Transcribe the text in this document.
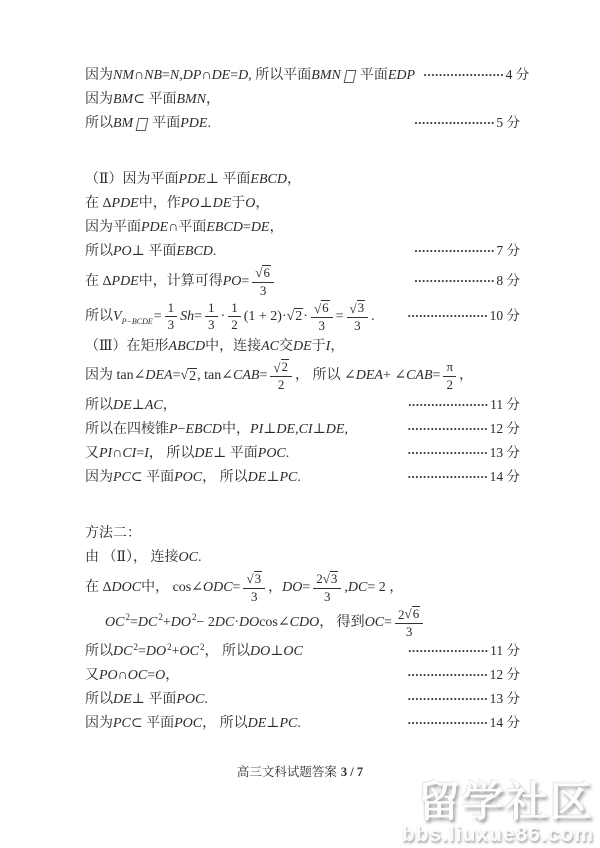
因为 NM ∩ NB = N , DP ∩ DE = D , 所以平面 BMN 平面 EDP ····················· 4 分
因为 BM ⊂ 平面 BMN ，
所以 BM 平面 PDE .	····················· 5 分
（Ⅱ）因为平面 PDE ⊥ 平面 EBCD ，
在 Δ PDE 中，作 PO ⊥ DE 于 O ，
因为平面 PDE ∩平面 EBCD = DE ，
所以 PO ⊥ 平面 EBCD .	····················· 7 分
在 Δ PDE 中，计算可得 PO = $\frac{√ 6}{3}$	····················· 8 分
所以 V P−BCDE = $\frac{1}{3}$ $Sh = \frac{1}{3} \cdot \frac{1}{2} (1 + 2)\cdot$ √ $2 \cdot \frac{√ 6}{3} = \frac{√ 3}{3}$ .	····················· 10 分
（Ⅲ）在矩形 ABCD 中，连接 AC 交 DE 于 I ，
因为 tan∠ DEA = √ 2 , tan∠ CAB = $\frac{√ 2}{2}$ ， 所以 ∠ DEA + ∠ CAB = $\frac{\pi}{2}$ ，
所以 DE ⊥ AC ，	····················· 11 分
所以在四棱锥 P − EBCD 中， PI ⊥ DE , CI ⊥ DE ,	····················· 12 分
又 PI ∩ CI = I ， 所以 DE ⊥ 平面 POC .	····················· 13 分
因为 PC ⊂ 平面 POC ， 所以 DE ⊥ PC .	····················· 14 分
方法二：
由 （Ⅱ）， 连接 OC .
在 Δ DOC 中， cos∠ ODC = $\frac{√ 3}{3}$ ， DO = $\frac{2 √ 3}{3}$ , DC = 2 ，
OC 2 = DC 2 + DO 2 − 2 DC · DO cos∠ CDO ， 得到 OC = $\frac{2 √ 6}{3}$
所以 DC 2 = DO 2 + OC 2 ， 所以 DO ⊥ OC	····················· 11 分
又 PO ∩ OC = O ，	····················· 12 分
所以 DE ⊥ 平面 POC .	····················· 13 分
因为 PC ⊂ 平面 POC ， 所以 DE ⊥ PC .	····················· 14 分
高三文科试题答案 3 / 7
留学社区
bbs.liuxue86.com
